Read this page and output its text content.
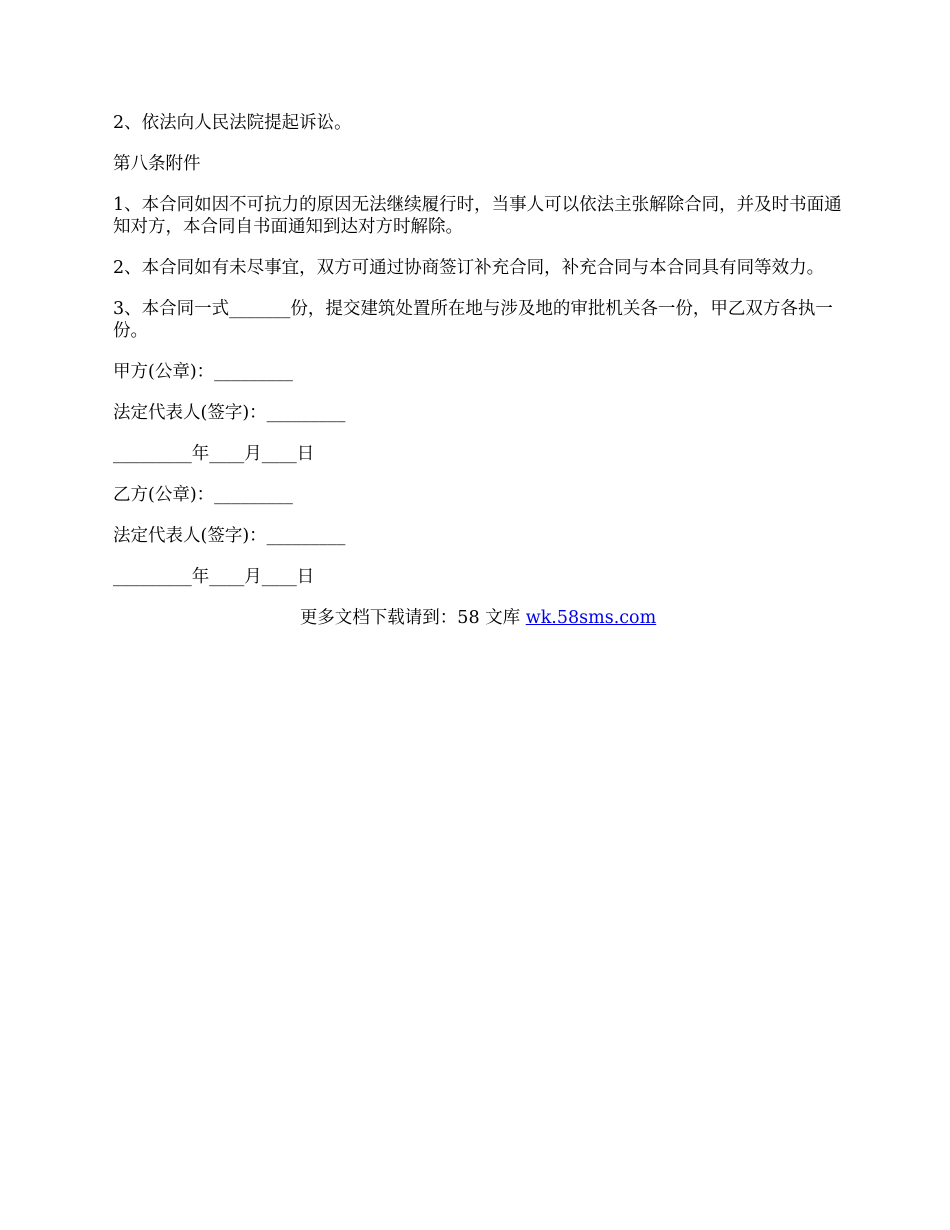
2、依法向人民法院提起诉讼。

第八条附件

1、本合同如因不可抗力的原因无法继续履行时，当事人可以依法主张解除合同，并及时书面通知对方，本合同自书面通知到达对方时解除。

2、本合同如有未尽事宜，双方可通过协商签订补充合同，补充合同与本合同具有同等效力。

3、本合同一式_______份，提交建筑处置所在地与涉及地的审批机关各一份，甲乙双方各执一份。

甲方(公章)：_________

法定代表人(签字)：_________

_________年____月____日

乙方(公章)：_________

法定代表人(签字)：_________

_________年____月____日

更多文档下载请到：58 文库 wk.58sms.com
